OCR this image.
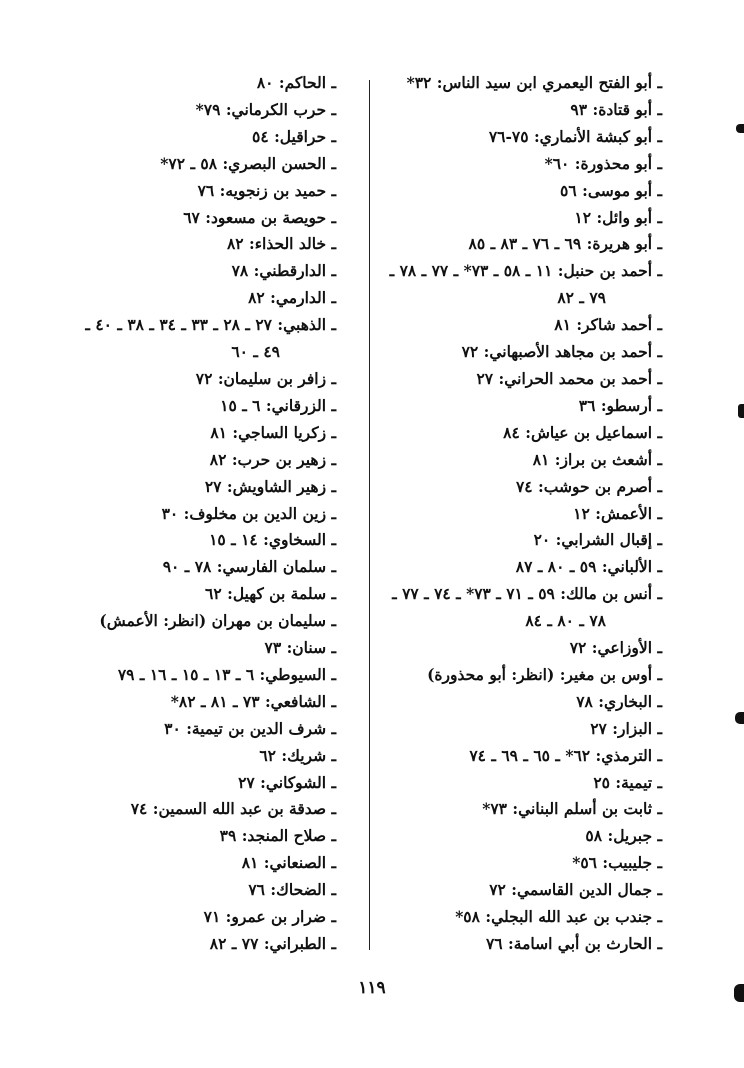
ـ أبو الفتح اليعمري ابن سيد الناس: ٣٢*
ـ أبو قتادة: ٩٣
ـ أبو كبشة الأنماري: ٧٥-٧٦
ـ أبو محذورة: ٦٠*
ـ أبو موسى: ٥٦
ـ أبو وائل: ١٢
ـ أبو هريرة: ٦٩ ـ ٧٦ ـ ٨٣ ـ ٨٥
ـ أحمد بن حنبل: ١١ ـ ٥٨ ـ ٧٣* ـ ٧٧ ـ ٧٨ ـ
٧٩ ـ ٨٢
ـ أحمد شاكر: ٨١
ـ أحمد بن مجاهد الأصبهاني: ٧٢
ـ أحمد بن محمد الحراني: ٢٧
ـ أرسطو: ٣٦
ـ اسماعيل بن عياش: ٨٤
ـ أشعث بن براز: ٨١
ـ أصرم بن حوشب: ٧٤
ـ الأعمش: ١٢
ـ إقبال الشرابي: ٢٠
ـ الألباني: ٥٩ ـ ٨٠ ـ ٨٧
ـ أنس بن مالك: ٥٩ ـ ٧١ ـ ٧٣* ـ ٧٤ ـ ٧٧ ـ
٧٨ ـ ٨٠ ـ ٨٤
ـ الأوزاعي: ٧٢
ـ أوس بن مغير: (انظر: أبو محذورة)
ـ البخاري: ٧٨
ـ البزار: ٢٧
ـ الترمذي: ٦٢* ـ ٦٥ ـ ٦٩ ـ ٧٤
ـ تيمية: ٢٥
ـ ثابت بن أسلم البناني: ٧٣*
ـ جبريل: ٥٨
ـ جليبيب: ٥٦*
ـ جمال الدين القاسمي: ٧٢
ـ جندب بن عبد الله البجلي: ٥٨*
ـ الحارث بن أبي اسامة: ٧٦
ـ الحاكم: ٨٠
ـ حرب الكرماني: ٧٩*
ـ حراقيل: ٥٤
ـ الحسن البصري: ٥٨ ـ ٧٢*
ـ حميد بن زنجويه: ٧٦
ـ حويصة بن مسعود: ٦٧
ـ خالد الحذاء: ٨٢
ـ الدارقطني: ٧٨
ـ الدارمي: ٨٢
ـ الذهبي: ٢٧ ـ ٢٨ ـ ٣٣ ـ ٣٤ ـ ٣٨ ـ ٤٠ ـ
٤٩ ـ ٦٠
ـ زافر بن سليمان: ٧٢
ـ الزرقاني: ٦ ـ ١٥
ـ زكريا الساجي: ٨١
ـ زهير بن حرب: ٨٢
ـ زهير الشاويش: ٢٧
ـ زين الدين بن مخلوف: ٣٠
ـ السخاوي: ١٤ ـ ١٥
ـ سلمان الفارسي: ٧٨ ـ ٩٠
ـ سلمة بن كهيل: ٦٢
ـ سليمان بن مهران (انظر: الأعمش)
ـ سنان: ٧٣
ـ السيوطي: ٦ ـ ١٣ ـ ١٥ ـ ١٦ ـ ٧٩
ـ الشافعي: ٧٣ ـ ٨١ ـ ٨٢*
ـ شرف الدين بن تيمية: ٣٠
ـ شريك: ٦٢
ـ الشوكاني: ٢٧
ـ صدقة بن عبد الله السمين: ٧٤
ـ صلاح المنجد: ٣٩
ـ الصنعاني: ٨١
ـ الضحاك: ٧٦
ـ ضرار بن عمرو: ٧١
ـ الطبراني: ٧٧ ـ ٨٢
١١٩
